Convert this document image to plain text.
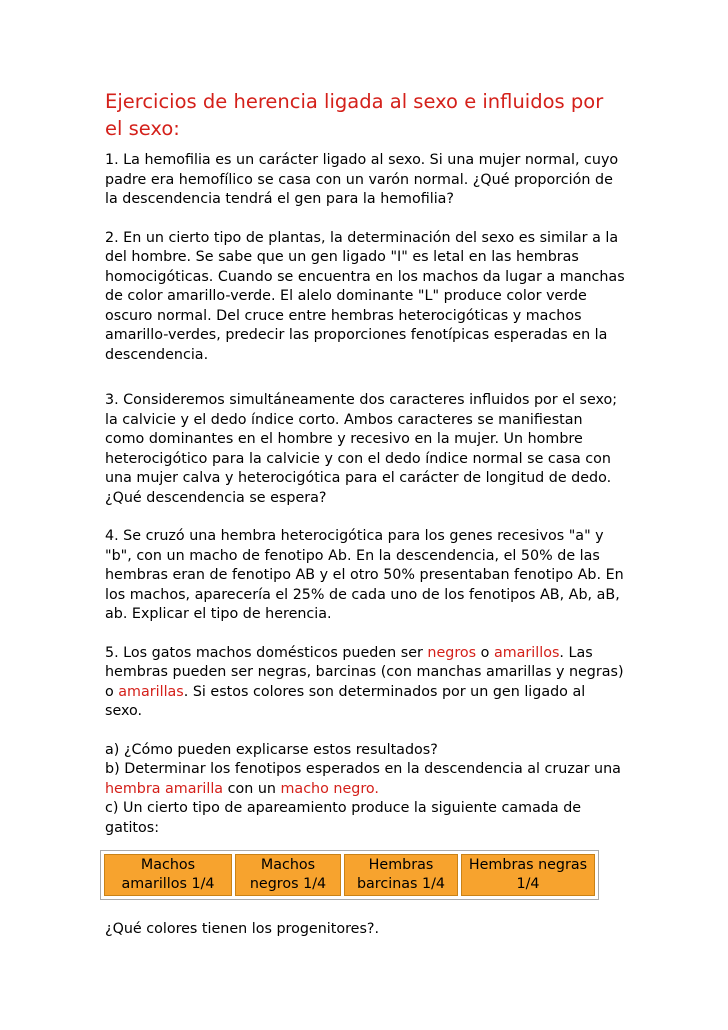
Ejercicios de herencia ligada al sexo e influidos por el sexo:

1. La hemofilia es un carácter ligado al sexo. Si una mujer normal, cuyo padre era hemofílico se casa con un varón normal. ¿Qué proporción de la descendencia tendrá el gen para la hemofilia?

2. En un cierto tipo de plantas, la determinación del sexo es similar a la del hombre. Se sabe que un gen ligado "I" es letal en las hembras homocigóticas. Cuando se encuentra en los machos da lugar a manchas de color amarillo-verde. El alelo dominante "L" produce color verde oscuro normal. Del cruce entre hembras heterocigóticas y machos amarillo-verdes, predecir las proporciones fenotípicas esperadas en la descendencia.

3. Consideremos simultáneamente dos caracteres influidos por el sexo; la calvicie y el dedo índice corto. Ambos caracteres se manifiestan como dominantes en el hombre y recesivo en la mujer. Un hombre heterocigótico para la calvicie y con el dedo índice normal se casa con una mujer calva y heterocigótica para el carácter de longitud de dedo. ¿Qué descendencia se espera?

4. Se cruzó una hembra heterocigótica para los genes recesivos "a" y "b", con un macho de fenotipo Ab. En la descendencia, el 50% de las hembras eran de fenotipo AB y el otro 50% presentaban fenotipo Ab. En los machos, aparecería el 25% de cada uno de los fenotipos AB, Ab, aB, ab. Explicar el tipo de herencia.

5. Los gatos machos domésticos pueden ser negros o amarillos. Las hembras pueden ser negras, barcinas (con manchas amarillas y negras) o amarillas. Si estos colores son determinados por un gen ligado al sexo.

a) ¿Cómo pueden explicarse estos resultados?

b) Determinar los fenotipos esperados en la descendencia al cruzar una hembra amarilla con un macho negro.

c) Un cierto tipo de apareamiento produce la siguiente camada de gatitos:

Machos amarillos 1/4	Machos negros 1/4	Hembras barcinas 1/4	Hembras negras 1/4

¿Qué colores tienen los progenitores?.
